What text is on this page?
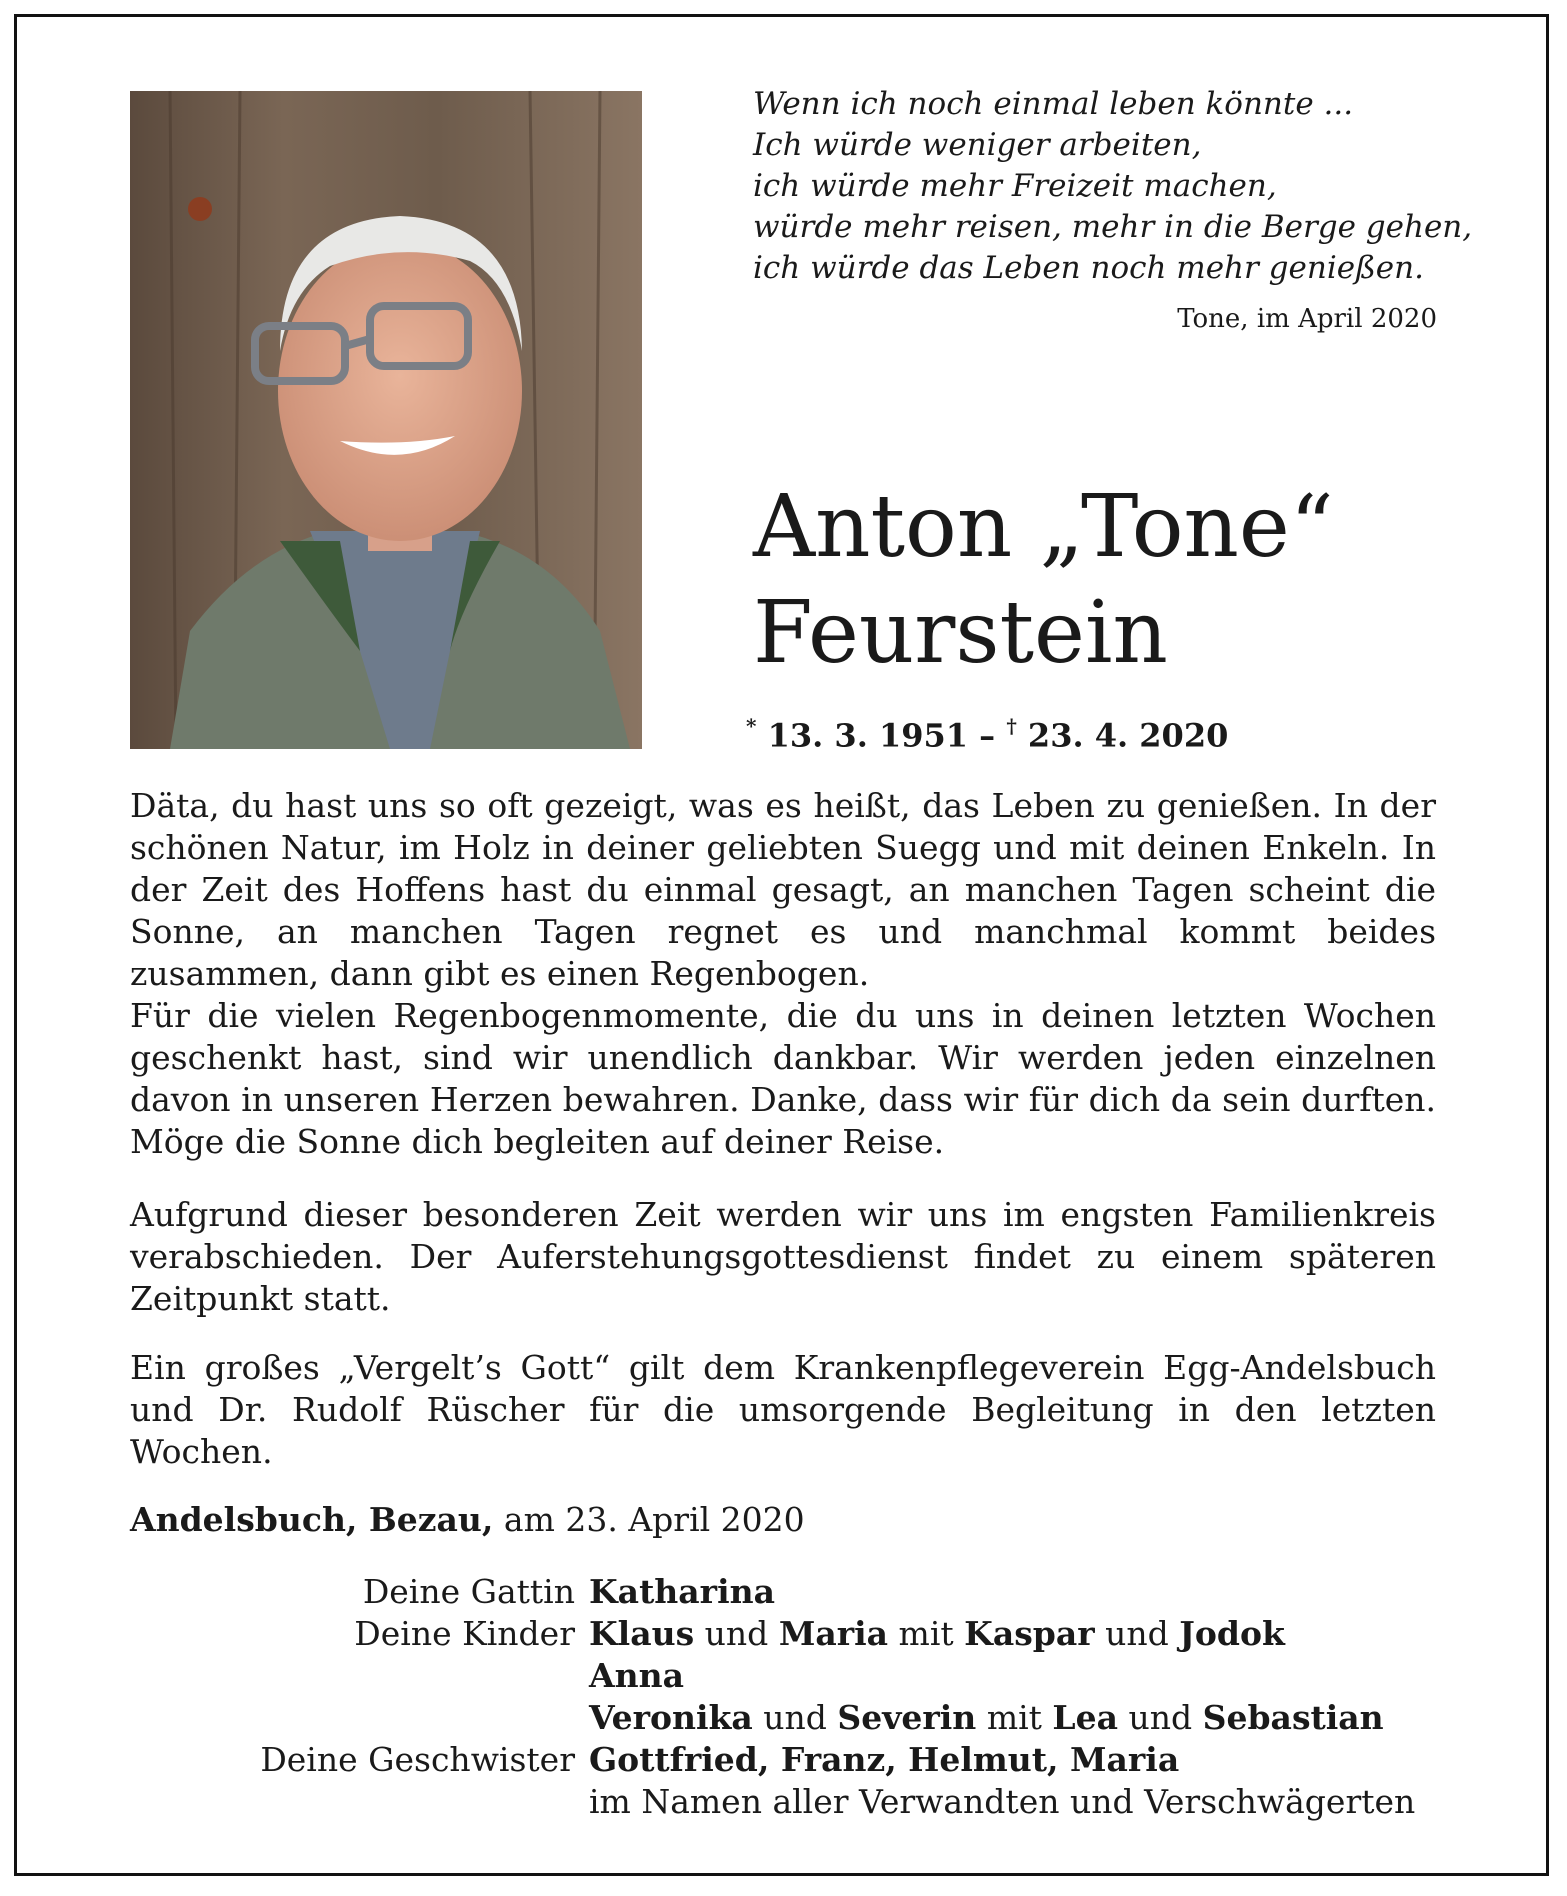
Wenn ich noch einmal leben könnte ...
Ich würde weniger arbeiten,
ich würde mehr Freizeit machen,
würde mehr reisen, mehr in die Berge gehen,
ich würde das Leben noch mehr genießen.
Tone, im April 2020
Anton „Tone“
Feurstein
* 13. 3. 1951 – † 23. 4. 2020
Däta, du hast uns so oft gezeigt, was es heißt, das Leben zu genießen. In der schönen Natur, im Holz in deiner geliebten Suegg und mit deinen Enkeln. In der Zeit des Hoffens hast du einmal gesagt, an manchen Tagen scheint die Sonne, an manchen Tagen regnet es und manchmal kommt beides zusammen, dann gibt es einen Regenbogen.
Für die vielen Regenbogenmomente, die du uns in deinen letzten Wochen geschenkt hast, sind wir unendlich dankbar. Wir werden jeden einzelnen davon in unseren Herzen bewahren. Danke, dass wir für dich da sein durften. Möge die Sonne dich begleiten auf deiner Reise.
Aufgrund dieser besonderen Zeit werden wir uns im engsten Familienkreis verabschieden. Der Auferstehungsgottesdienst findet zu einem späteren Zeitpunkt statt.
Ein großes „Vergelt’s Gott“ gilt dem Krankenpflegeverein Egg-Andelsbuch und Dr. Rudolf Rüscher für die umsorgende Begleitung in den letzten Wochen.
Andelsbuch, Bezau, am 23. April 2020
Deine Gattin Katharina
Deine Kinder Klaus und Maria mit Kaspar und Jodok
Anna
Veronika und Severin mit Lea und Sebastian
Deine Geschwister Gottfried, Franz, Helmut, Maria
im Namen aller Verwandten und Verschwägerten
